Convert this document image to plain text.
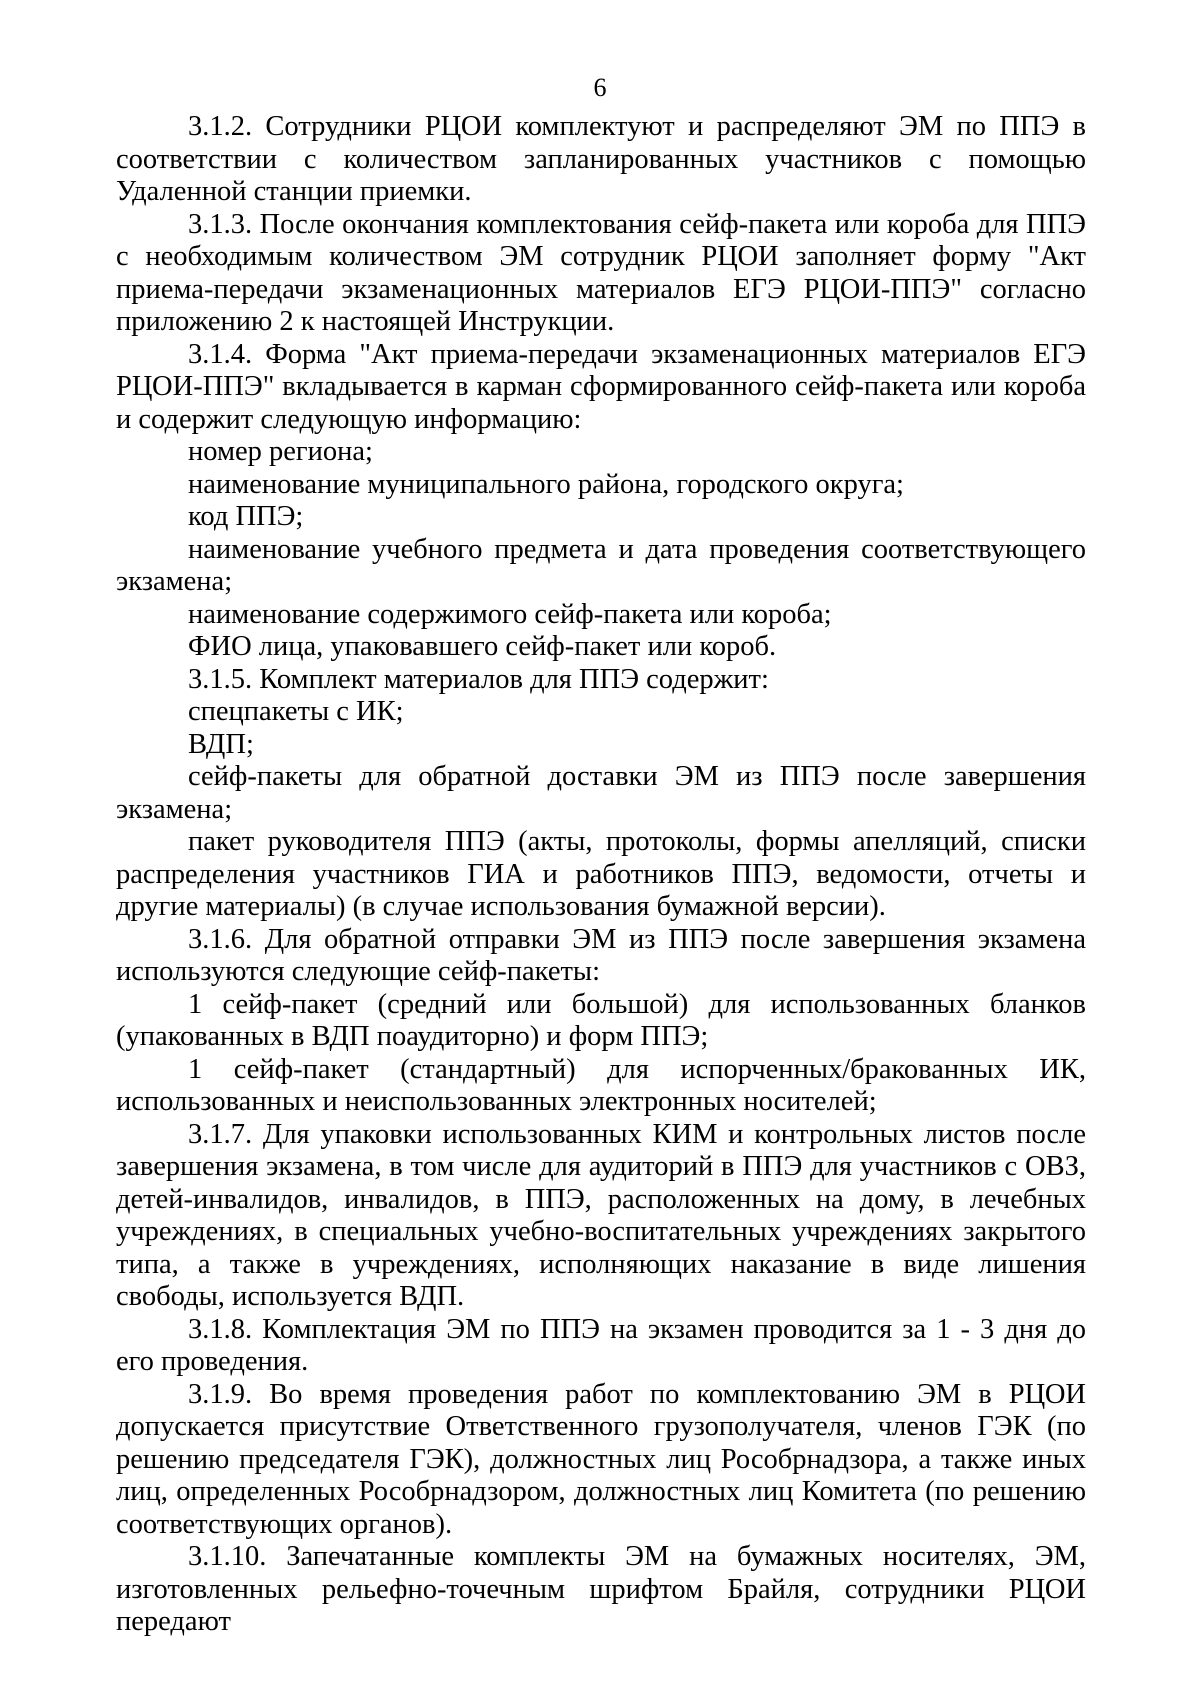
6

3.1.2. Сотрудники РЦОИ комплектуют и распределяют ЭМ по ППЭ в соответствии с количеством запланированных участников с помощью Удаленной станции приемки.

3.1.3. После окончания комплектования сейф-пакета или короба для ППЭ с необходимым количеством ЭМ сотрудник РЦОИ заполняет форму "Акт приема-передачи экзаменационных материалов ЕГЭ РЦОИ-ППЭ" согласно приложению 2 к настоящей Инструкции.

3.1.4. Форма "Акт приема-передачи экзаменационных материалов ЕГЭ РЦОИ-ППЭ" вкладывается в карман сформированного сейф-пакета или короба и содержит следующую информацию:

номер региона;

наименование муниципального района, городского округа;

код ППЭ;

наименование учебного предмета и дата проведения соответствующего экзамена;

наименование содержимого сейф-пакета или короба;

ФИО лица, упаковавшего сейф-пакет или короб.

3.1.5. Комплект материалов для ППЭ содержит:

спецпакеты с ИК;

ВДП;

сейф-пакеты для обратной доставки ЭМ из ППЭ после завершения экзамена;

пакет руководителя ППЭ (акты, протоколы, формы апелляций, списки распределения участников ГИА и работников ППЭ, ведомости, отчеты и другие материалы) (в случае использования бумажной версии).

3.1.6. Для обратной отправки ЭМ из ППЭ после завершения экзамена используются следующие сейф-пакеты:

1 сейф-пакет (средний или большой) для использованных бланков (упакованных в ВДП поаудиторно) и форм ППЭ;

1 сейф-пакет (стандартный) для испорченных/бракованных ИК, использованных и неиспользованных электронных носителей;

3.1.7. Для упаковки использованных КИМ и контрольных листов после завершения экзамена, в том числе для аудиторий в ППЭ для участников с ОВЗ, детей-инвалидов, инвалидов, в ППЭ, расположенных на дому, в лечебных учреждениях, в специальных учебно-воспитательных учреждениях закрытого типа, а также в учреждениях, исполняющих наказание в виде лишения свободы, используется ВДП.

3.1.8. Комплектация ЭМ по ППЭ на экзамен проводится за 1 - 3 дня до его проведения.

3.1.9. Во время проведения работ по комплектованию ЭМ в РЦОИ допускается присутствие Ответственного грузополучателя, членов ГЭК (по решению председателя ГЭК), должностных лиц Рособрнадзора, а также иных лиц, определенных Рособрнадзором, должностных лиц Комитета (по решению соответствующих органов).

3.1.10. Запечатанные комплекты ЭМ на бумажных носителях, ЭМ, изготовленных рельефно-точечным шрифтом Брайля, сотрудники РЦОИ передают
